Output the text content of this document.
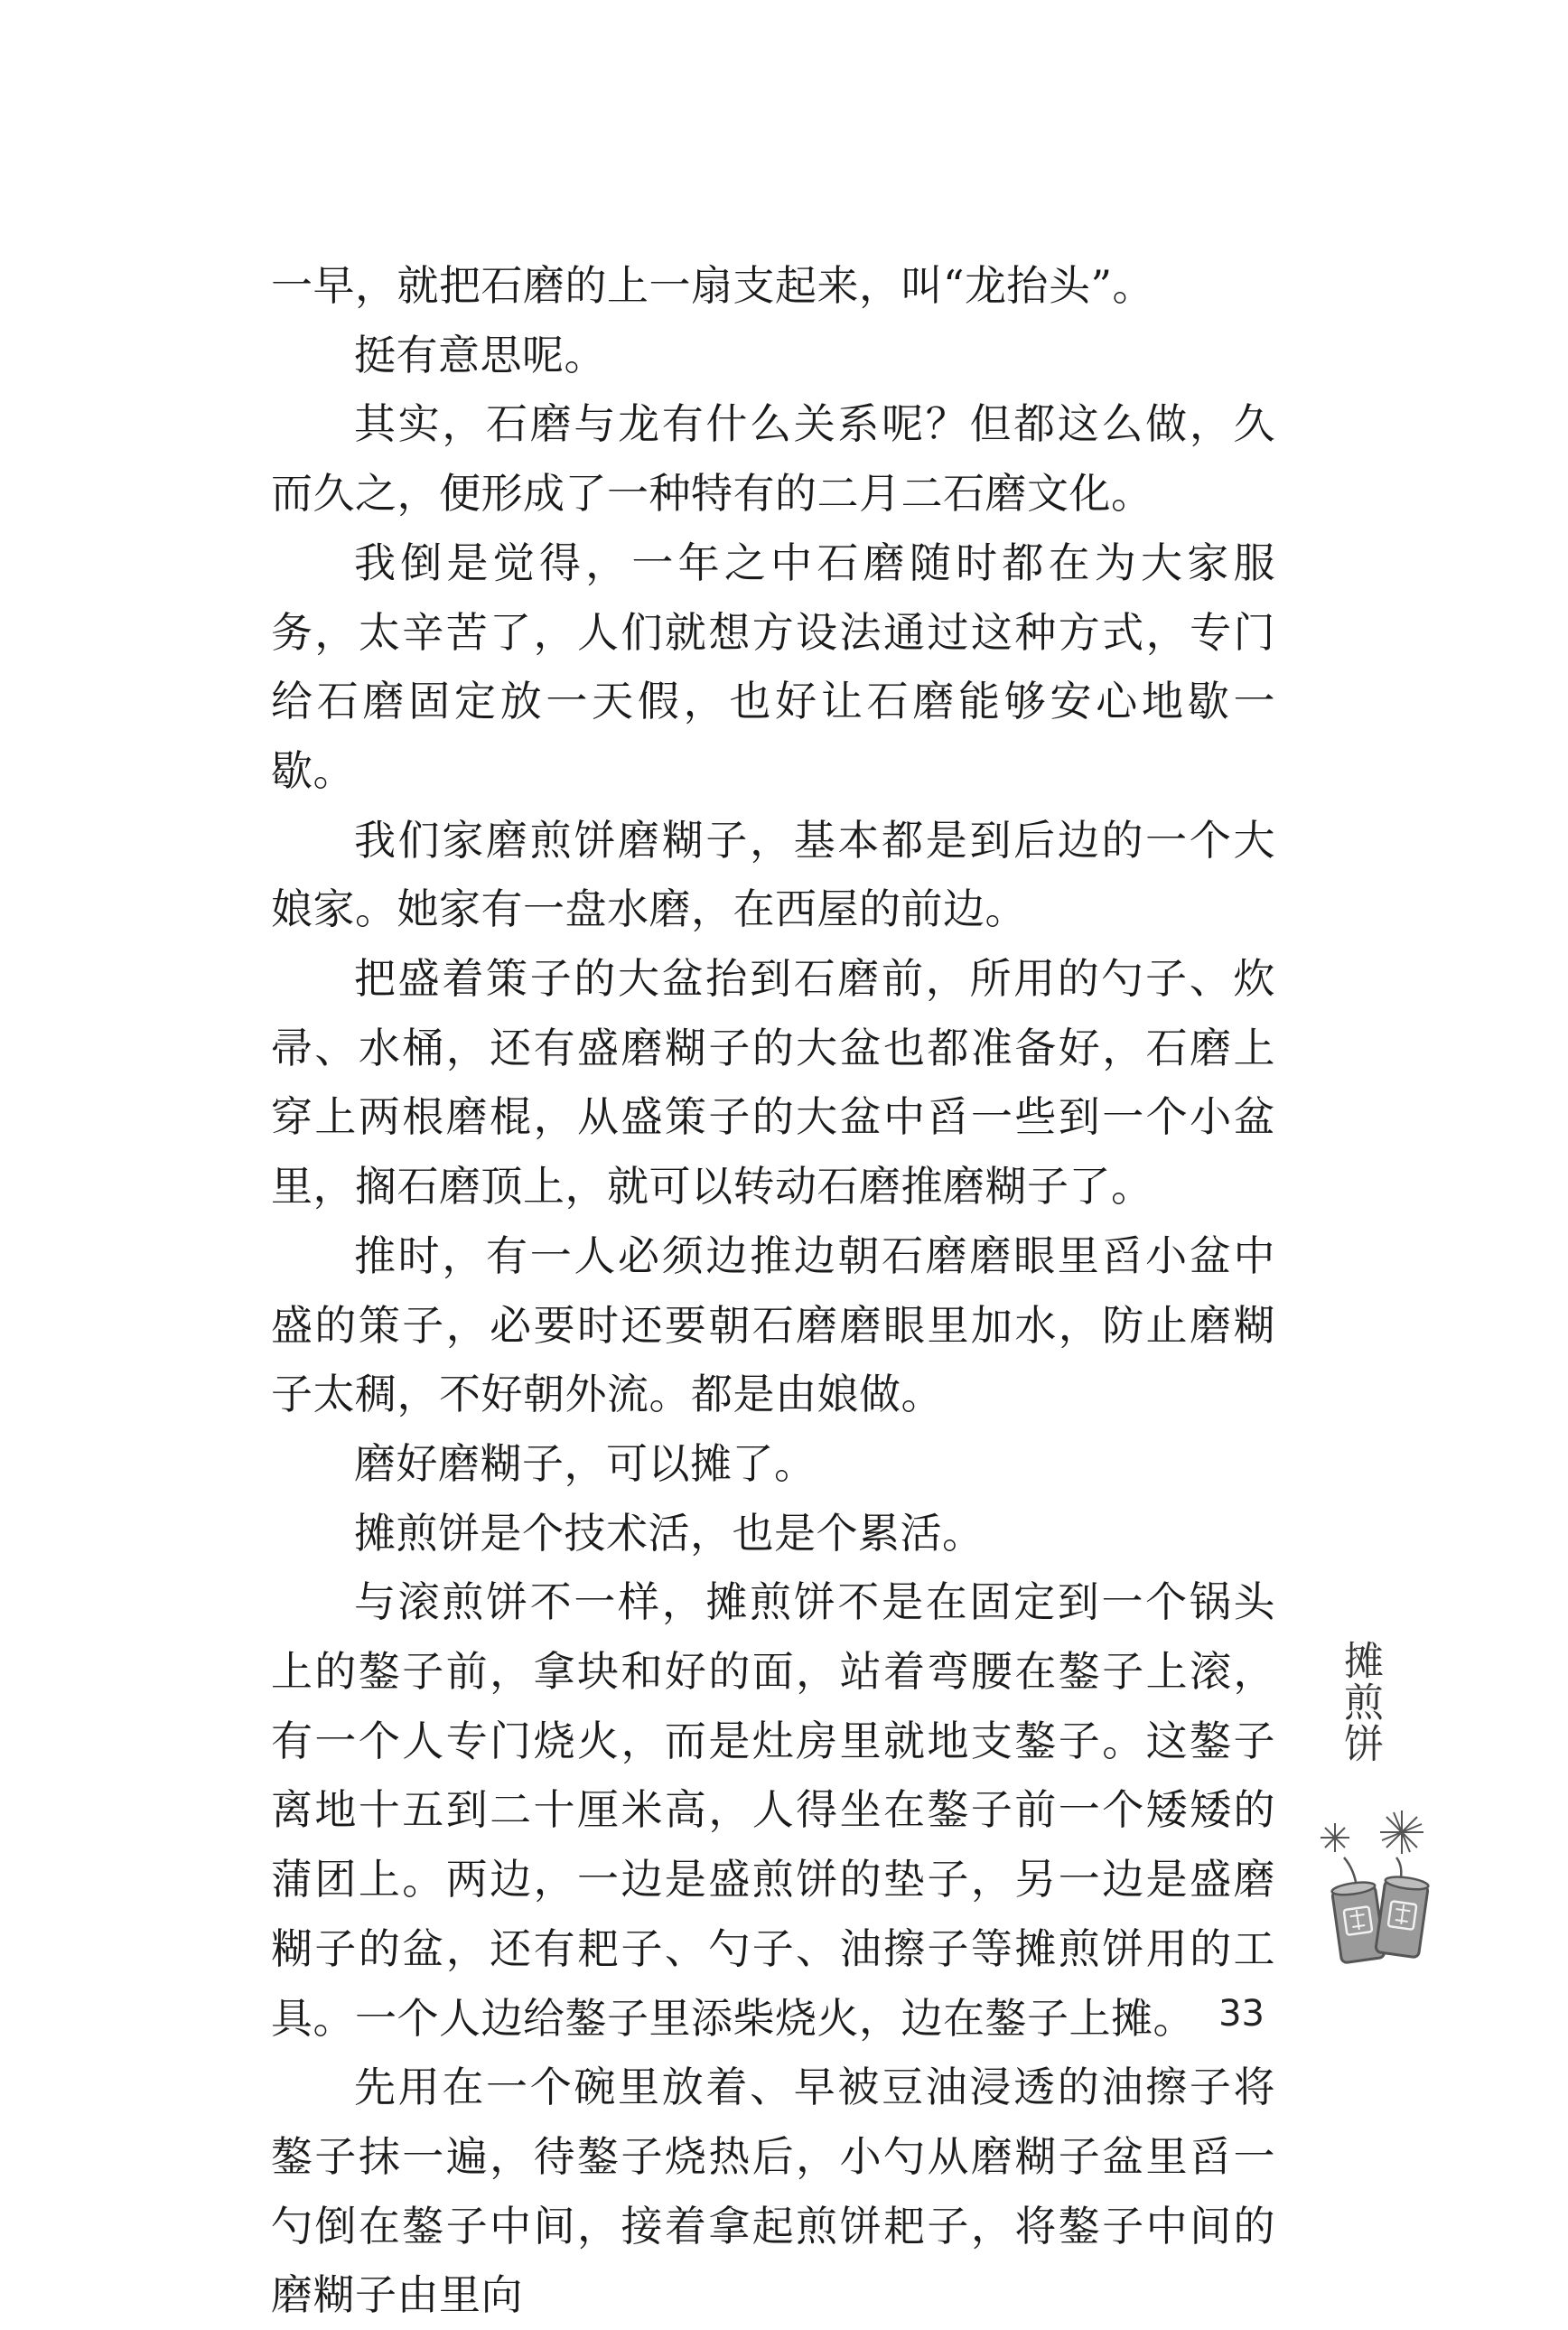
一早，就把石磨的上一扇支起来，叫“龙抬头”。

挺有意思呢。

其实，石磨与龙有什么关系呢？但都这么做，久而久之，便形成了一种特有的二月二石磨文化。

我倒是觉得，一年之中石磨随时都在为大家服务，太辛苦了，人们就想方设法通过这种方式，专门给石磨固定放一天假，也好让石磨能够安心地歇一歇。

我们家磨煎饼磨糊子，基本都是到后边的一个大娘家。她家有一盘水磨，在西屋的前边。

把盛着策子的大盆抬到石磨前，所用的勺子、炊帚、水桶，还有盛磨糊子的大盆也都准备好，石磨上穿上两根磨棍，从盛策子的大盆中舀一些到一个小盆里，搁石磨顶上，就可以转动石磨推磨糊子了。

推时，有一人必须边推边朝石磨磨眼里舀小盆中盛的策子，必要时还要朝石磨磨眼里加水，防止磨糊子太稠，不好朝外流。都是由娘做。

磨好磨糊子，可以摊了。

摊煎饼是个技术活，也是个累活。

与滚煎饼不一样，摊煎饼不是在固定到一个锅头上的鏊子前，拿块和好的面，站着弯腰在鏊子上滚，有一个人专门烧火，而是灶房里就地支鏊子。这鏊子离地十五到二十厘米高，人得坐在鏊子前一个矮矮的蒲团上。两边，一边是盛煎饼的垫子，另一边是盛磨糊子的盆，还有耙子、勺子、油擦子等摊煎饼用的工具。一个人边给鏊子里添柴烧火，边在鏊子上摊。

先用在一个碗里放着、早被豆油浸透的油擦子将鏊子抹一遍，待鏊子烧热后，小勺从磨糊子盆里舀一勺倒在鏊子中间，接着拿起煎饼耙子，将鏊子中间的磨糊子由里向

摊煎饼
33
